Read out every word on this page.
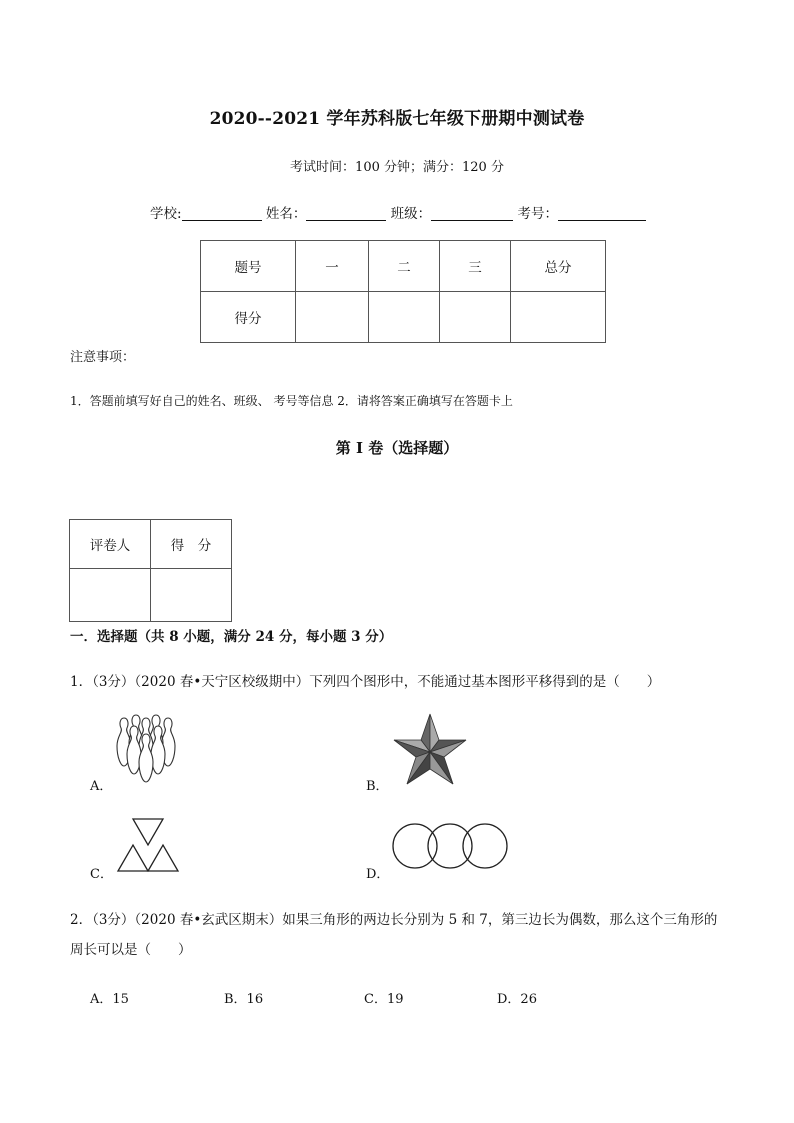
2020--2021 学年苏科版七年级下册期中测试卷
考试时间：100 分钟；满分：120 分
学校:	姓名：	班级：	考号：
题号	一	二	三	总分
得分				
注意事项：
1．答题前填写好自己的姓名、班级、 考号等信息 2．请将答案正确填写在答题卡上
第 I 卷（选择题）
评卷人	得　分

一．选择题（共 8 小题，满分 24 分，每小题 3 分）
1．（3分）（2020 春•天宁区校级期中）下列四个图形中，不能通过基本图形平移得到的是（　　）
A．	B．
C．	D．
2．（3分）（2020 春•玄武区期末）如果三角形的两边长分别为 5 和 7，第三边长为偶数，那么这个三角形的周长可以是（　　）
A．15	B．16	C．19	D．26
